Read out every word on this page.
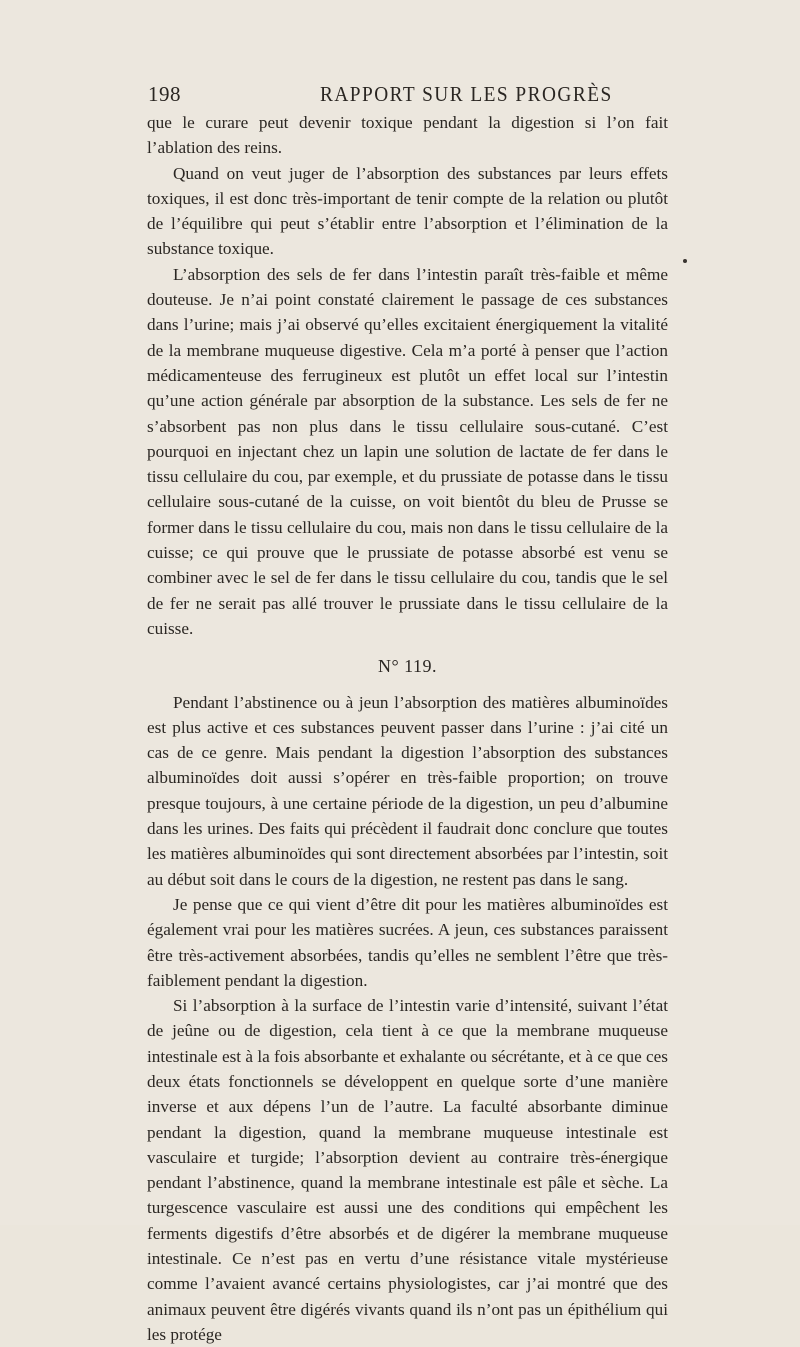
198	RAPPORT SUR LES PROGRÈS

que le curare peut devenir toxique pendant la digestion si l’on fait l’ablation des reins.

Quand on veut juger de l’absorption des substances par leurs effets toxiques, il est donc très-important de tenir compte de la relation ou plutôt de l’équilibre qui peut s’établir entre l’absorption et l’élimination de la substance toxique.

L’absorption des sels de fer dans l’intestin paraît très-faible et même douteuse. Je n’ai point constaté clairement le passage de ces substances dans l’urine; mais j’ai observé qu’elles excitaient énergiquement la vitalité de la membrane muqueuse digestive. Cela m’a porté à penser que l’action médicamenteuse des ferrugineux est plutôt un effet local sur l’intestin qu’une action générale par absorption de la substance. Les sels de fer ne s’absorbent pas non plus dans le tissu cellulaire sous-cutané. C’est pourquoi en injectant chez un lapin une solution de lactate de fer dans le tissu cellulaire du cou, par exemple, et du prussiate de potasse dans le tissu cellulaire sous-cutané de la cuisse, on voit bientôt du bleu de Prusse se former dans le tissu cellulaire du cou, mais non dans le tissu cellulaire de la cuisse; ce qui prouve que le prussiate de potasse absorbé est venu se combiner avec le sel de fer dans le tissu cellulaire du cou, tandis que le sel de fer ne serait pas allé trouver le prussiate dans le tissu cellulaire de la cuisse.

N° 119.

Pendant l’abstinence ou à jeun l’absorption des matières albuminoïdes est plus active et ces substances peuvent passer dans l’urine : j’ai cité un cas de ce genre. Mais pendant la digestion l’absorption des substances albuminoïdes doit aussi s’opérer en très-faible proportion; on trouve presque toujours, à une certaine période de la digestion, un peu d’albumine dans les urines. Des faits qui précèdent il faudrait donc conclure que toutes les matières albuminoïdes qui sont directement absorbées par l’intestin, soit au début soit dans le cours de la digestion, ne restent pas dans le sang.

Je pense que ce qui vient d’être dit pour les matières albuminoïdes est également vrai pour les matières sucrées. A jeun, ces substances paraissent être très-activement absorbées, tandis qu’elles ne semblent l’être que très-faiblement pendant la digestion.

Si l’absorption à la surface de l’intestin varie d’intensité, suivant l’état de jeûne ou de digestion, cela tient à ce que la membrane muqueuse intestinale est à la fois absorbante et exhalante ou sécrétante, et à ce que ces deux états fonctionnels se développent en quelque sorte d’une manière inverse et aux dépens l’un de l’autre. La faculté absorbante diminue pendant la digestion, quand la membrane muqueuse intestinale est vasculaire et turgide; l’absorption devient au contraire très-énergique pendant l’abstinence, quand la membrane intestinale est pâle et sèche. La turgescence vasculaire est aussi une des conditions qui empêchent les ferments digestifs d’être absorbés et de digérer la membrane muqueuse intestinale. Ce n’est pas en vertu d’une résistance vitale mystérieuse comme l’avaient avancé certains physiologistes, car j’ai montré que des animaux peuvent être digérés vivants quand ils n’ont pas un épithélium qui les protége
